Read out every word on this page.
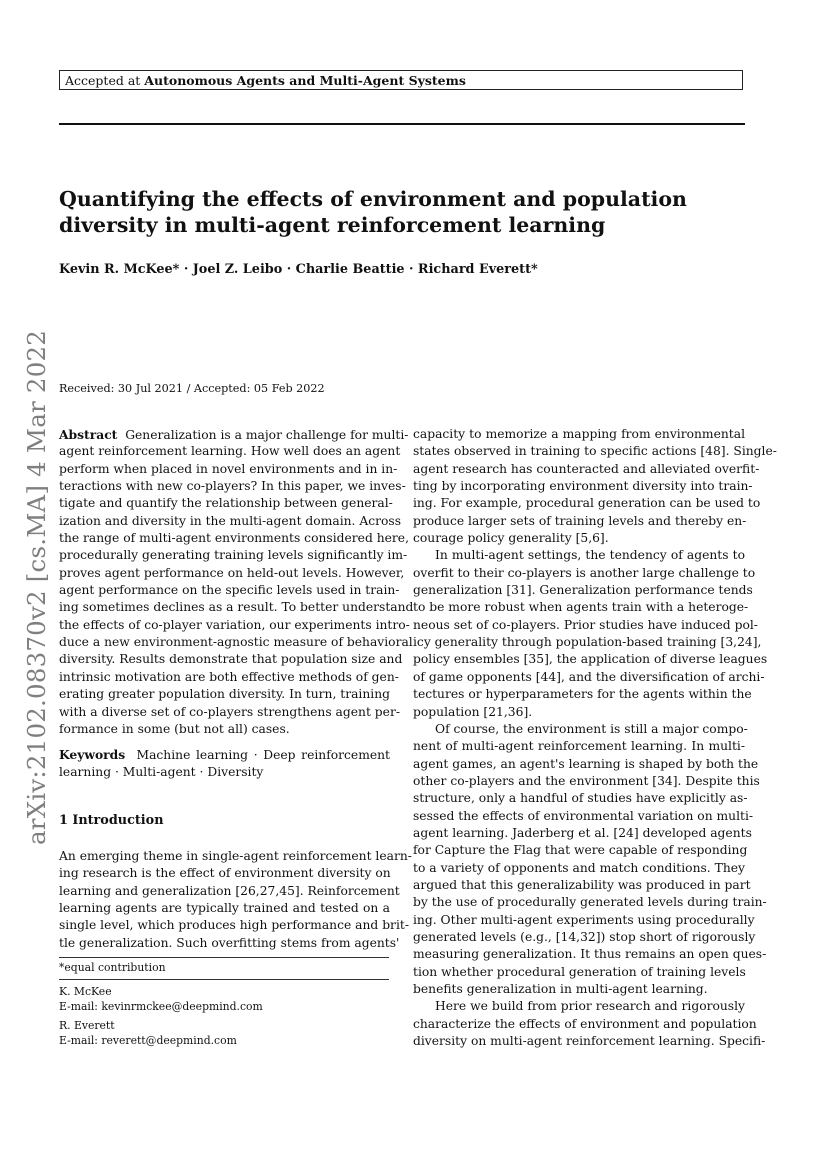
Accepted at Autonomous Agents and Multi-Agent Systems
Quantifying the effects of environment and population
diversity in multi-agent reinforcement learning
Kevin R. McKee* · Joel Z. Leibo · Charlie Beattie · Richard Everett*
arXiv:2102.08370v2 [cs.MA] 4 Mar 2022 Received: 30 Jul 2021 / Accepted: 05 Feb 2022
Abstract Generalization is a major challenge for multi-
agent reinforcement learning. How well does an agent
perform when placed in novel environments and in in-
teractions with new co-players? In this paper, we inves-
tigate and quantify the relationship between general-
ization and diversity in the multi-agent domain. Across
the range of multi-agent environments considered here,
procedurally generating training levels significantly im-
proves agent performance on held-out levels. However,
agent performance on the specific levels used in train-
ing sometimes declines as a result. To better understand
the effects of co-player variation, our experiments intro-
duce a new environment-agnostic measure of behavioral
diversity. Results demonstrate that population size and
intrinsic motivation are both effective methods of gen-
erating greater population diversity. In turn, training
with a diverse set of co-players strengthens agent per-
formance in some (but not all) cases.
Keywords Machine learning · Deep reinforcement
learning · Multi-agent · Diversity
1 Introduction
An emerging theme in single-agent reinforcement learn-
ing research is the effect of environment diversity on
learning and generalization [26,27,45]. Reinforcement
learning agents are typically trained and tested on a
single level, which produces high performance and brit-
tle generalization. Such overfitting stems from agents'
*equal contribution
K. McKee
E-mail: kevinrmckee@deepmind.com
R. Everett
E-mail: reverett@deepmind.com
capacity to memorize a mapping from environmental
states observed in training to specific actions [48]. Single-
agent research has counteracted and alleviated overfit-
ting by incorporating environment diversity into train-
ing. For example, procedural generation can be used to
produce larger sets of training levels and thereby en-
courage policy generality [5,6].
In multi-agent settings, the tendency of agents to
overfit to their co-players is another large challenge to
generalization [31]. Generalization performance tends
to be more robust when agents train with a heteroge-
neous set of co-players. Prior studies have induced pol-
icy generality through population-based training [3,24],
policy ensembles [35], the application of diverse leagues
of game opponents [44], and the diversification of archi-
tectures or hyperparameters for the agents within the
population [21,36].
Of course, the environment is still a major compo-
nent of multi-agent reinforcement learning. In multi-
agent games, an agent's learning is shaped by both the
other co-players and the environment [34]. Despite this
structure, only a handful of studies have explicitly as-
sessed the effects of environmental variation on multi-
agent learning. Jaderberg et al. [24] developed agents
for Capture the Flag that were capable of responding
to a variety of opponents and match conditions. They
argued that this generalizability was produced in part
by the use of procedurally generated levels during train-
ing. Other multi-agent experiments using procedurally
generated levels (e.g., [14,32]) stop short of rigorously
measuring generalization. It thus remains an open ques-
tion whether procedural generation of training levels
benefits generalization in multi-agent learning.
Here we build from prior research and rigorously
characterize the effects of environment and population
diversity on multi-agent reinforcement learning. Specifi-
